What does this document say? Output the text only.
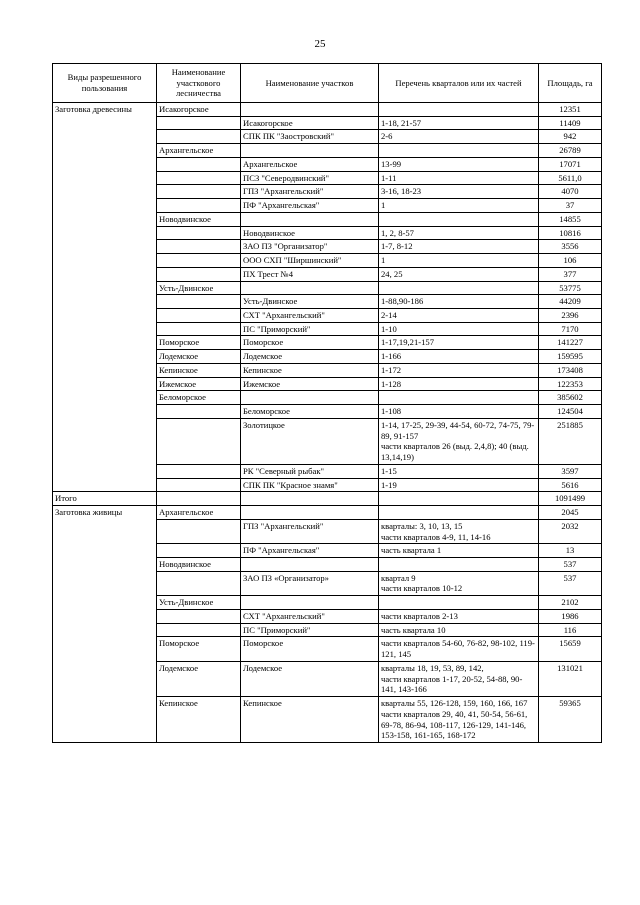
25
Виды разрешенного пользования	Наименование участкового лесничества	Наименование участков	Перечень кварталов или их частей	Площадь, га
Заготовка древесины	Исакогорское			12351
		Исакогорское	1-18, 21-57	11409
		СПК ПК "Заостровский"	2-6	942
	Архангельское			26789
		Архангельское	13-99	17071
		ПСЗ "Северодвинский"	1-11	5611,0
		ГПЗ "Архангельский"	3-16, 18-23	4070
		ПФ "Архангельская"	1	37
	Новодвинское			14855
		Новодвинское	1, 2, 8-57	10816
		ЗАО ПЗ "Организатор"	1-7, 8-12	3556
		ООО СХП "Ширшинский"	1	106
		ПХ Трест №4	24, 25	377
	Усть-Двинское			53775
		Усть-Двинское	1-88,90-186	44209
		СХТ "Архангельский"	2-14	2396
		ПС "Приморский"	1-10	7170
	Поморское	Поморское	1-17,19,21-157	141227
	Лодемское	Лодемское	1-166	159595
	Кепинское	Кепинское	1-172	173408
	Ижемское	Ижемское	1-128	122353
	Беломорское			385602
		Беломорское	1-108	124504
		Золотицкое	1-14, 17-25, 29-39, 44-54, 60-72, 74-75, 79-89, 91-157
части кварталов 26 (выд. 2,4,8); 40 (выд. 13,14,19)	251885
		РК "Северный рыбак"	1-15	3597
		СПК ПК "Красное знамя"	1-19	5616
Итого				1091499
Заготовка живицы	Архангельское			2045
		ГПЗ "Архангельский"	кварталы: 3, 10, 13, 15
части кварталов 4-9, 11, 14-16	2032
		ПФ "Архангельская"	часть квартала 1	13
	Новодвинское			537
		ЗАО ПЗ «Организатор»	квартал 9
части кварталов 10-12	537
	Усть-Двинское			2102
		СХТ "Архангельский"	части кварталов 2-13	1986
		ПС "Приморский"	часть квартала 10	116
	Поморское	Поморское	части кварталов 54-60, 76-82, 98-102, 119-121, 145	15659
	Лодемское	Лодемское	кварталы 18, 19, 53, 89, 142,
части кварталов 1-17, 20-52, 54-88, 90-141, 143-166	131021
	Кепинское	Кепинское	кварталы 55, 126-128, 159, 160, 166, 167
части кварталов 29, 40, 41, 50-54, 56-61, 69-78, 86-94, 108-117, 126-129, 141-146, 153-158, 161-165, 168-172	59365
